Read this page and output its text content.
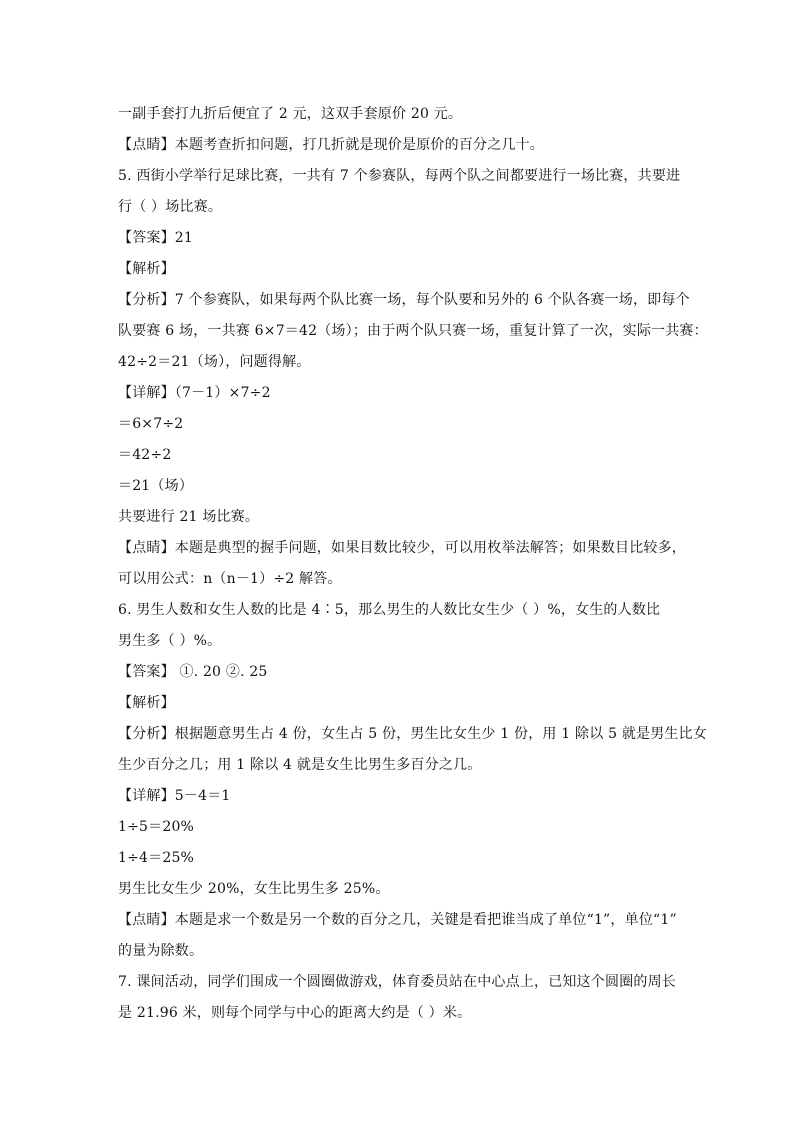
一副手套打九折后便宜了 2 元，这双手套原价 20 元。
【点睛】本题考查折扣问题，打几折就是现价是原价的百分之几十。
5. 西街小学举行足球比赛，一共有 7 个参赛队，每两个队之间都要进行一场比赛，共要进
行（ ）场比赛。
【答案】21
【解析】
【分析】7 个参赛队，如果每两个队比赛一场，每个队要和另外的 6 个队各赛一场，即每个
队要赛 6 场，一共赛 6×7＝42（场）；由于两个队只赛一场，重复计算了一次，实际一共赛：
42÷2＝21（场），问题得解。
【详解】（7－1）×7÷2
＝6×7÷2
＝42÷2
＝21（场）
共要进行 21 场比赛。
【点睛】本题是典型的握手问题，如果目数比较少，可以用枚举法解答；如果数目比较多，
可以用公式：n（n－1）÷2 解答。
6. 男生人数和女生人数的比是 4∶5，那么男生的人数比女生少（ ）%，女生的人数比
男生多（ ）%。
【答案】 ①. 20 ②. 25
【解析】
【分析】根据题意男生占 4 份，女生占 5 份，男生比女生少 1 份，用 1 除以 5 就是男生比女
生少百分之几；用 1 除以 4 就是女生比男生多百分之几。
【详解】5－4＝1
1÷5＝20%
1÷4＝25%
男生比女生少 20%，女生比男生多 25%。
【点睛】本题是求一个数是另一个数的百分之几，关键是看把谁当成了单位“1”，单位“1”
的量为除数。
7. 课间活动，同学们围成一个圆圈做游戏，体育委员站在中心点上，已知这个圆圈的周长
是 21.96 米，则每个同学与中心的距离大约是（ ）米。
